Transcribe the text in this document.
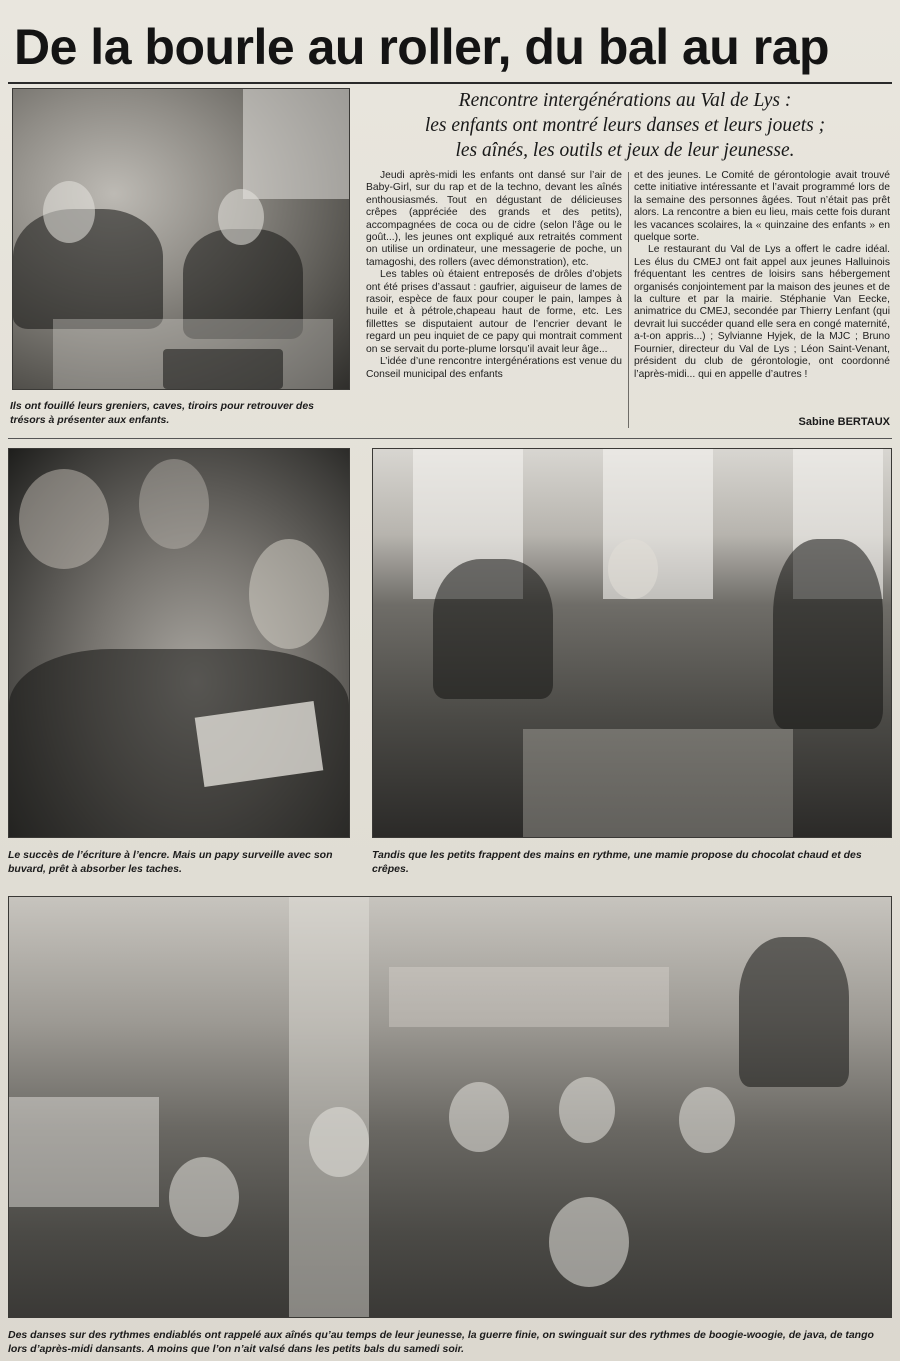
De la bourle au roller, du bal au rap
Ils ont fouillé leurs greniers, caves, tiroirs pour retrouver des trésors à présenter aux enfants.
Rencontre intergénérations au Val de Lys :
les enfants ont montré leurs danses et leurs jouets ;
les aînés, les outils et jeux de leur jeunesse.

Jeudi après-midi les enfants ont dansé sur l’air de Baby-Girl, sur du rap et de la techno, devant les aînés enthousiasmés. Tout en dégustant de délicieuses crêpes (appréciée des grands et des petits), accompagnées de coca ou de cidre (selon l’âge ou le goût...), les jeunes ont expliqué aux retraités comment on utilise un ordinateur, une messagerie de poche, un tamagoshi, des rollers (avec démonstration), etc.

Les tables où étaient entreposés de drôles d’objets ont été prises d’assaut : gaufrier, aiguiseur de lames de rasoir, espèce de faux pour couper le pain, lampes à huile et à pétrole,chapeau haut de forme, etc. Les fillettes se disputaient autour de l’encrier devant le regard un peu inquiet de ce papy qui montrait comment on se servait du porte-plume lorsqu’il avait leur âge...

L’idée d’une rencontre intergénérations est venue du Conseil municipal des enfants

et des jeunes. Le Comité de gérontologie avait trouvé cette initiative intéressante et l’avait programmé lors de la semaine des personnes âgées. Tout n’était pas prêt alors. La rencontre a bien eu lieu, mais cette fois durant les vacances scolaires, la « quinzaine des enfants » en quelque sorte.

Le restaurant du Val de Lys a offert le cadre idéal. Les élus du CMEJ ont fait appel aux jeunes Halluinois fréquentant les centres de loisirs sans hébergement organisés conjointement par la maison des jeunes et de la culture et par la mairie. Stéphanie Van Eecke, animatrice du CMEJ, secondée par Thierry Lenfant (qui devrait lui succéder quand elle sera en congé maternité, a-t-on appris...) ; Sylvianne Hyjek, de la MJC ; Bruno Fournier, directeur du Val de Lys ; Léon Saint-Venant, président du club de gérontologie, ont coordonné l’après-midi... qui en appelle d’autres !

Sabine BERTAUX
Le succès de l’écriture à l’encre. Mais un papy surveille avec son buvard, prêt à absorber les taches.
Tandis que les petits frappent des mains en rythme, une mamie propose du chocolat chaud et des crêpes.
Des danses sur des rythmes endiablés ont rappelé aux aînés qu’au temps de leur jeunesse, la guerre finie, on swinguait sur des rythmes de boogie-woogie, de java, de tango lors d’après-midi dansants. A moins que l’on n’ait valsé dans les petits bals du samedi soir.
